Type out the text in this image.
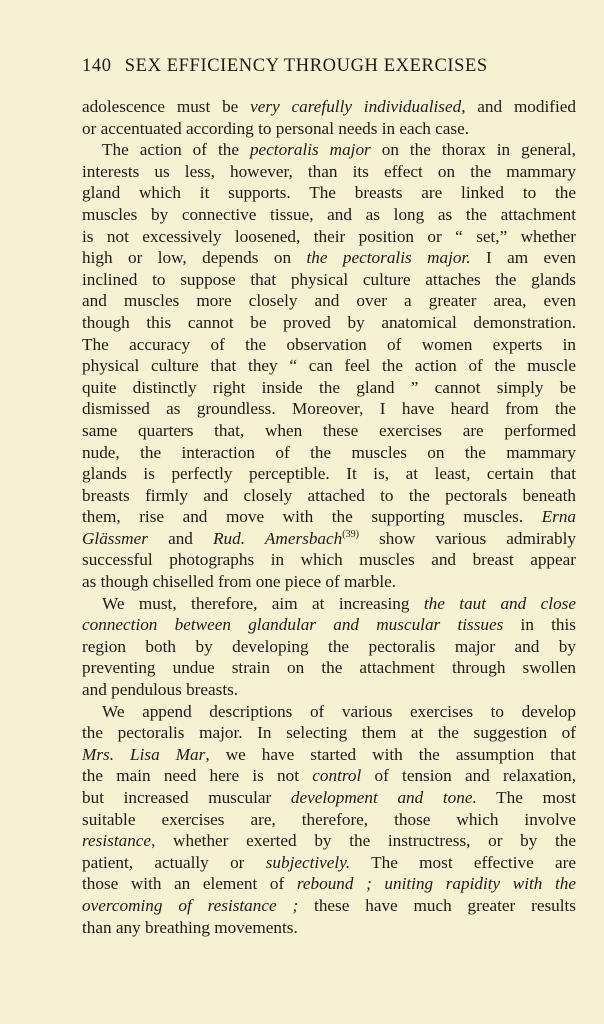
140 SEX EFFICIENCY THROUGH EXERCISES
adolescence must be very carefully individualised, and modified
or accentuated according to personal needs in each case.
The action of the pectoralis major on the thorax in general,
interests us less, however, than its effect on the mammary
gland which it supports. The breasts are linked to the
muscles by connective tissue, and as long as the attachment
is not excessively loosened, their position or “ set,” whether
high or low, depends on the pectoralis major. I am even
inclined to suppose that physical culture attaches the glands
and muscles more closely and over a greater area, even
though this cannot be proved by anatomical demonstration.
The accuracy of the observation of women experts in
physical culture that they “ can feel the action of the muscle
quite distinctly right inside the gland ” cannot simply be
dismissed as groundless. Moreover, I have heard from the
same quarters that, when these exercises are performed
nude, the interaction of the muscles on the mammary
glands is perfectly perceptible. It is, at least, certain that
breasts firmly and closely attached to the pectorals beneath
them, rise and move with the supporting muscles. Erna
Glässmer and Rud. Amersbach$^{(39)}$ show various admirably
successful photographs in which muscles and breast appear
as though chiselled from one piece of marble.
We must, therefore, aim at increasing the taut and close
connection between glandular and muscular tissues in this
region both by developing the pectoralis major and by
preventing undue strain on the attachment through swollen
and pendulous breasts.
We append descriptions of various exercises to develop
the pectoralis major. In selecting them at the suggestion of
Mrs. Lisa Mar, we have started with the assumption that
the main need here is not control of tension and relaxation,
but increased muscular development and tone. The most
suitable exercises are, therefore, those which involve
resistance, whether exerted by the instructress, or by the
patient, actually or subjectively. The most effective are
those with an element of rebound ; uniting rapidity with the
overcoming of resistance ; these have much greater results
than any breathing movements.
